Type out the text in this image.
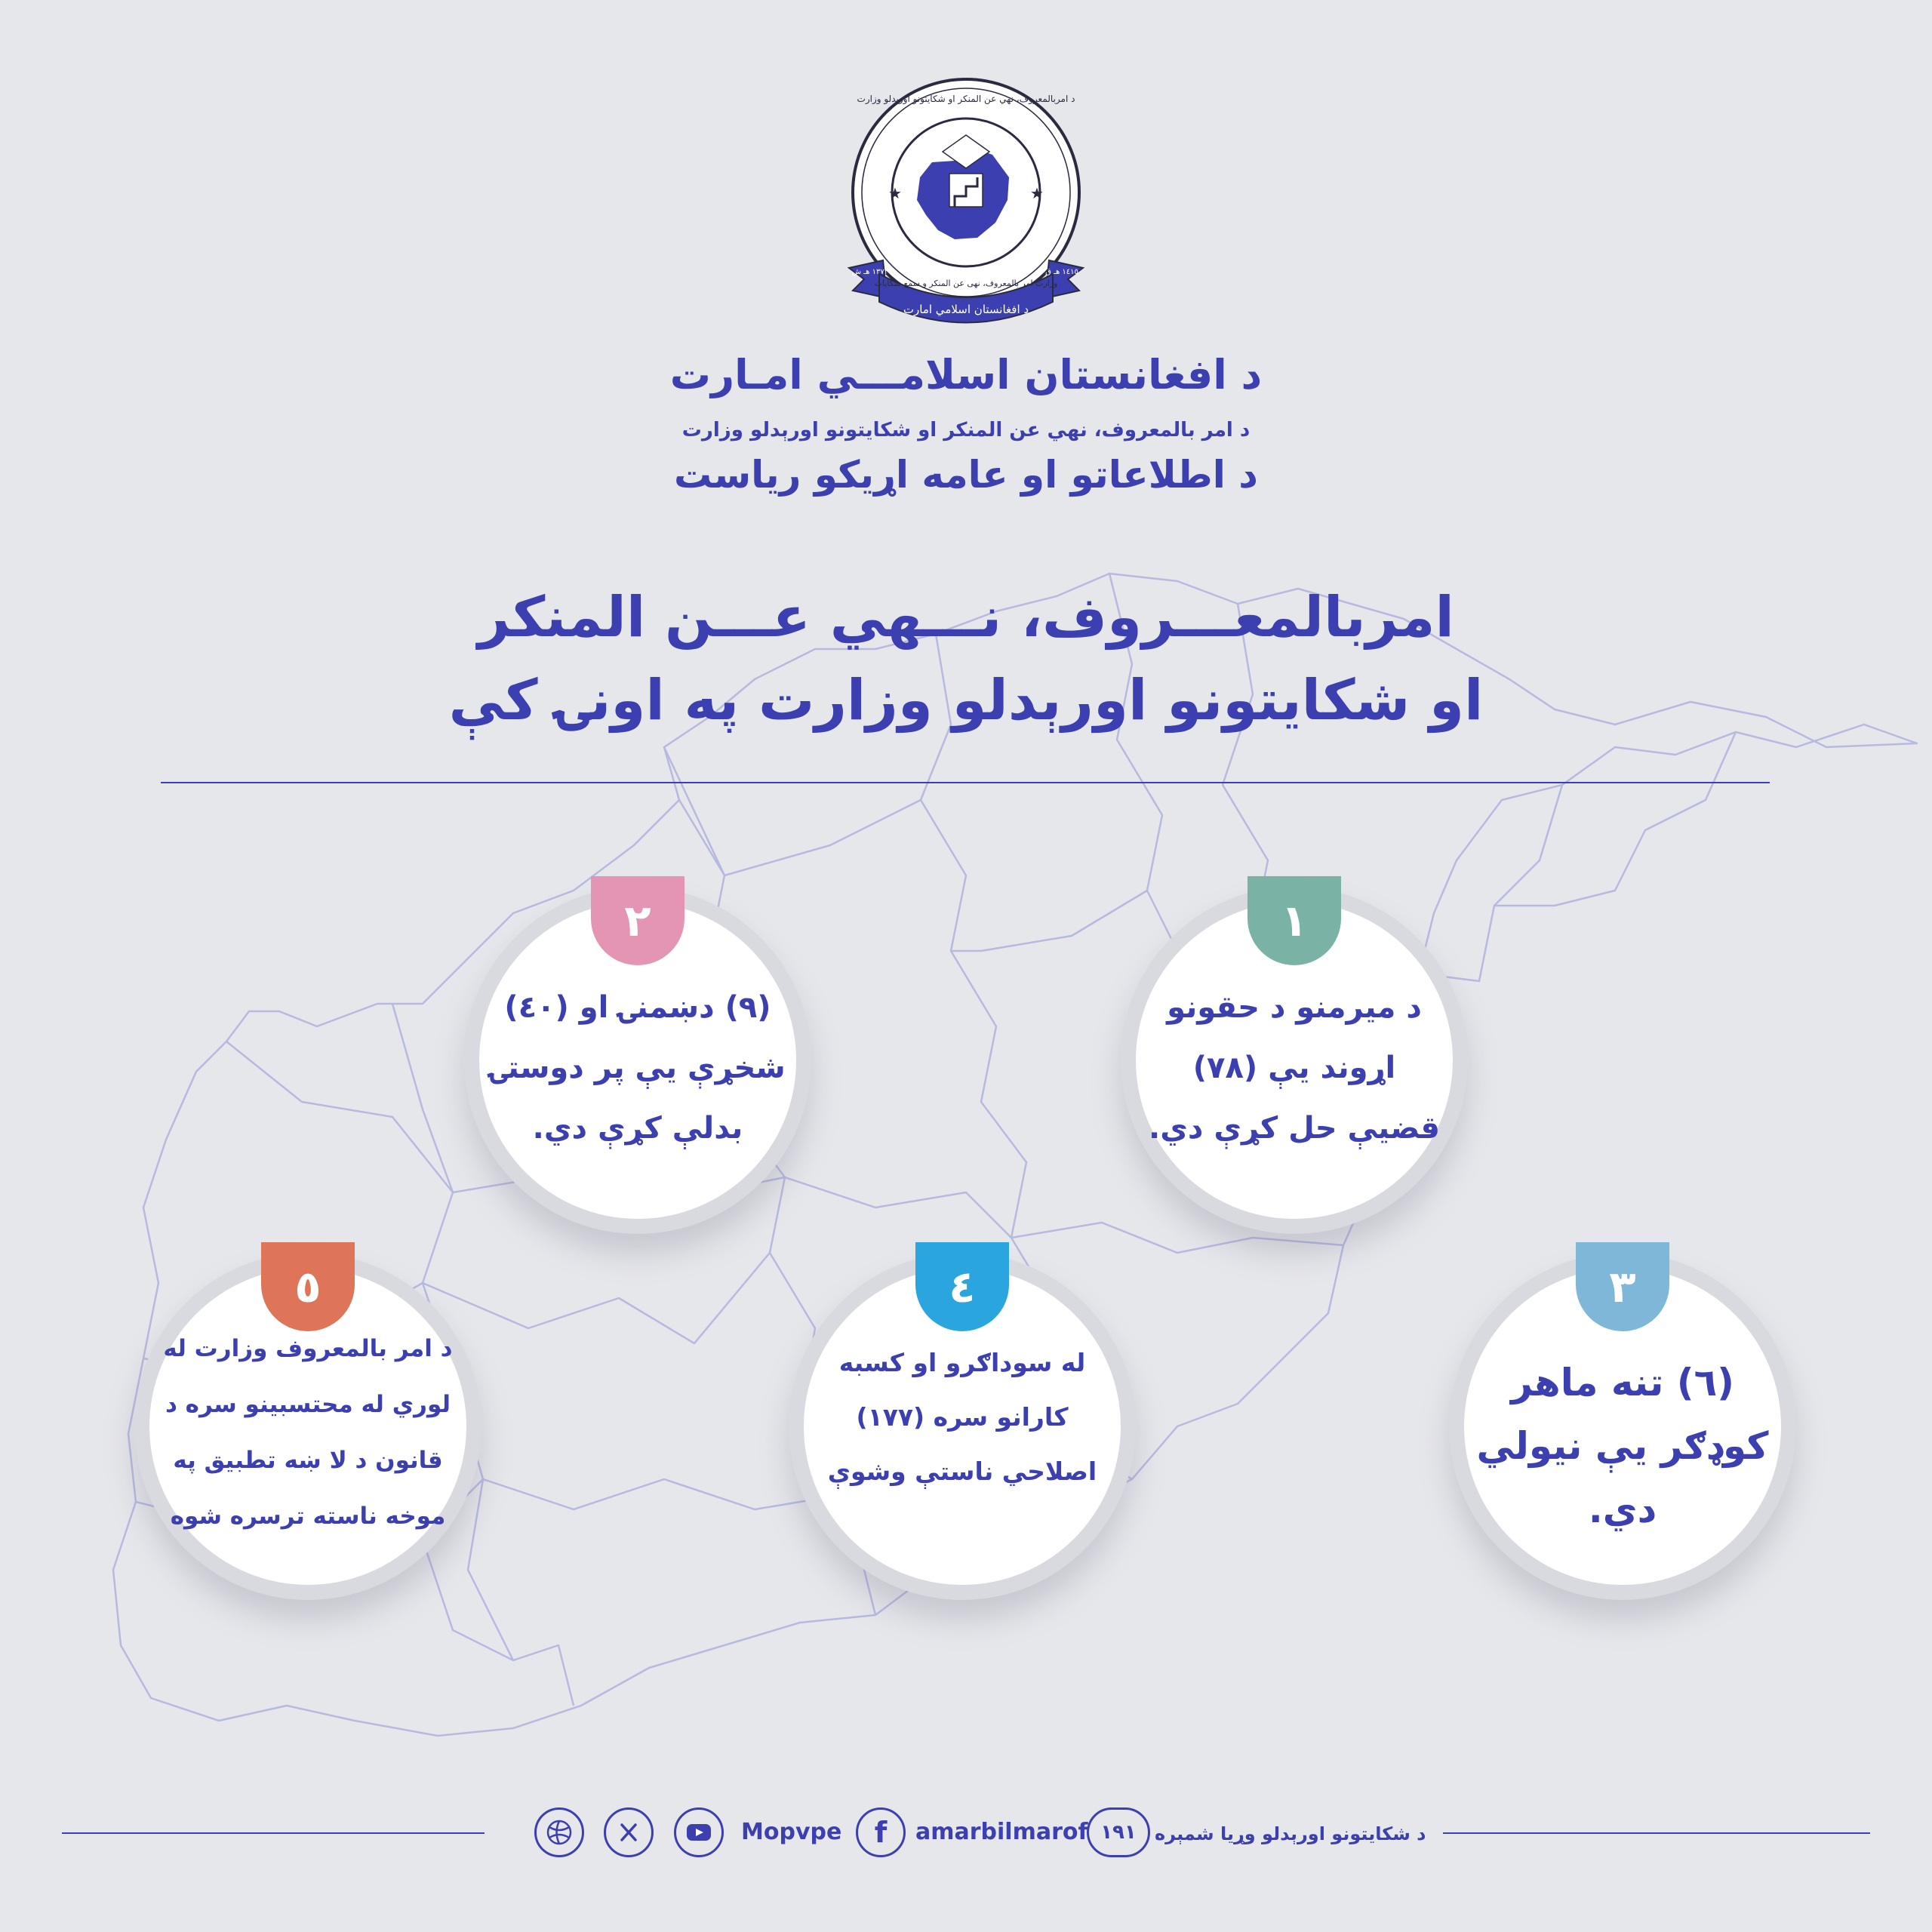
★	★
د افغانستان اسلامي امارت
د امربالمعروف، نهي عن المنكر او شکایتونو اورېدلو وزارت
وزارت امر بالمعروف، نهی عن المنکر و سمع شکایات
١٤١٥ هـ ق
١٣٧٣ هـ ش
د افغانستان اسلامـــي امـارت
د امر بالمعروف، نهي عن المنكر او شكايتونو اورېدلو وزارت
د اطلاعاتو او عامه اړيكو رياست
امربالمعـــروف، نـــهي عـــن المنكر
او شكايتونو اورېدلو وزارت په اونۍ کې
١
د ميرمنو د حقونو اړوند يې (٧٨) قضيې حل کړې دي.
٢
(٩) دښمنۍ او (٤٠) شخړې يې پر دوستۍ بدلې کړې دي.
٣
(٦) تنه ماهر کوډګر يې نيولي دي.
٤
له سوداګرو او کسبه کارانو سره (١٧٧) اصلاحي ناستې وشوې
٥
د امر بالمعروف وزارت له لوري له محتسبينو سره د قانون د لا ښه تطبيق په موخه ناسته ترسره شوه
Mopvpe	f	amarbilmarof ١٩١	د شكايتونو اورېدلو وړيا شمېره
